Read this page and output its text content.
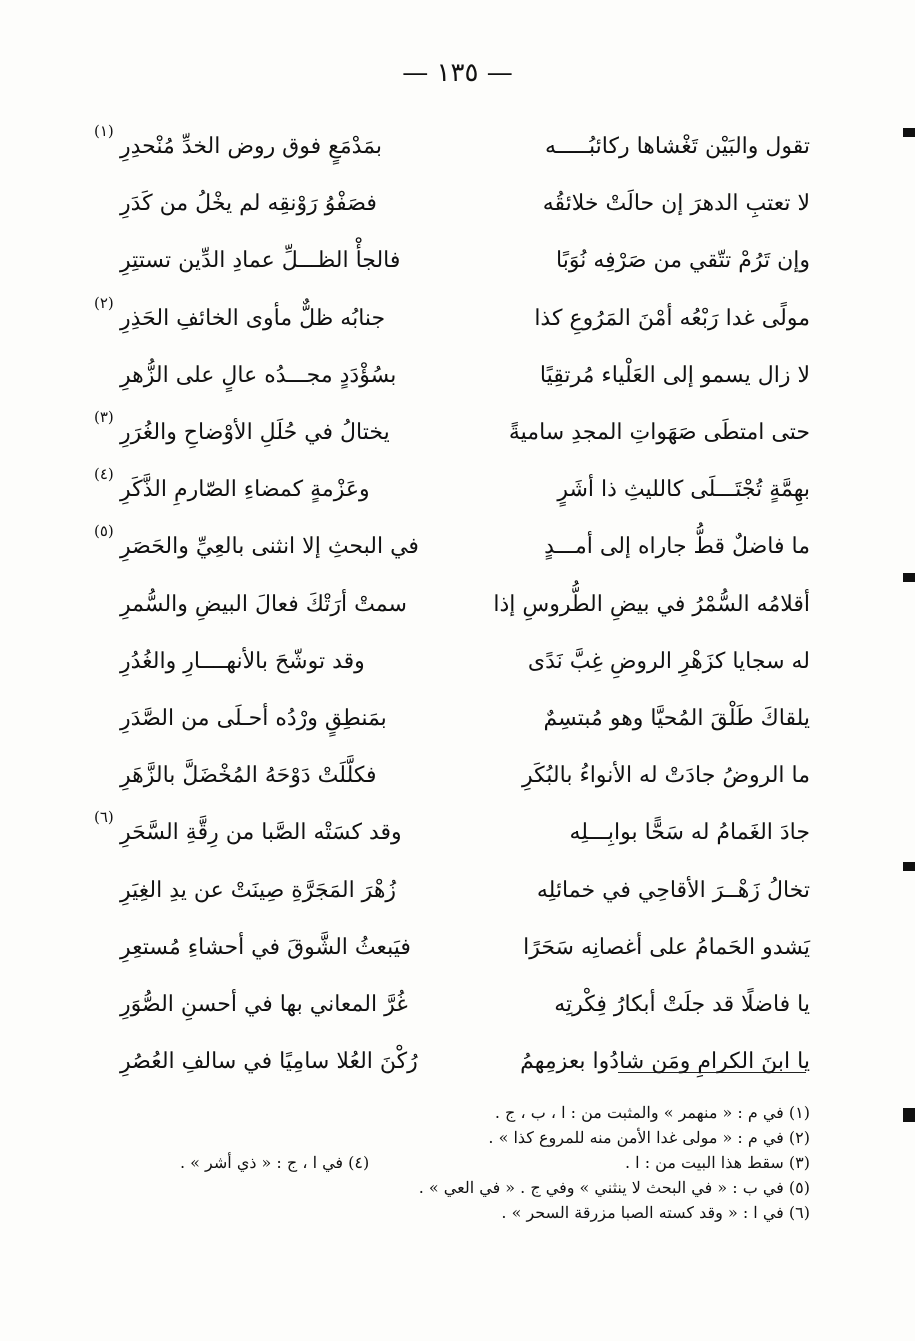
— ١٣٥ —
تقول والبَيْن تَغْشاها ركائبُـــــه
بمَدْمَعٍ فوق روض الخدِّ مُنْحدِرِ
(١)
لا تعتبِ الدهرَ إن حالَتْ خلائقُه
فصَفْوُ رَوْنقِه لم يخْلُ من كَدَرِ
وإن تَرُمْ تتّقي من صَرْفِه نُوَبًا
فالجأْ الظـــلِّ عمادِ الدِّين تستتِرِ
مولًى غدا رَبْعُه أمْنَ المَرُوعِ كذا
جنابُه ظلٌّ مأوى الخائفِ الحَذِرِ
(٢)
لا زال يسمو إلى العَلْياء مُرتقِيًا
بسُؤْدَدٍ مجـــدُه عالٍ على الزُّهرِ
حتى امتطَى صَهَواتِ المجدِ ساميةً
يختالُ في حُلَلِ الأوْضاحِ والغُرَرِ
(٣)
بهِمَّةٍ تُجْتَـــلَى كالليثِ ذا أشَرٍ
وعَزْمةٍ كمضاءِ الصّارمِ الذَّكَرِ
(٤)
ما فاضلٌ قطُّ جاراه إلى أمـــدٍ
في البحثِ إلا انثنى بالعِيِّ والحَصَرِ
(٥)
أقلامُه السُّمْرُ في بيضِ الطُّروسِ إذا
سمتْ أرَتْكَ فعالَ البيضِ والسُّمرِ
له سجايا كزَهْرِ الروضِ غِبَّ نَدًى
وقد توشّحَ بالأنهــــارِ والغُدُرِ
يلقاكَ طَلْقَ المُحيَّا وهو مُبتسِمٌ
بمَنطِقٍ ورْدُه أحـلَى من الصَّدَرِ
ما الروضُ جادَتْ له الأنواءُ بالبُكَرِ
فكلَّلَتْ دَوْحَهُ المُخْضَلَّ بالزَّهَرِ
جادَ الغَمامُ له سَحًّا بوابِـــلِه
وقد كسَتْه الصَّبا من رِقَّةِ السَّحَرِ
(٦)
تخالُ زَهْــرَ الأقاحِي في خمائلِه
زُهْرَ المَجَرَّةِ صِينَتْ عن يدِ الغِيَرِ
يَشدو الحَمامُ على أغصانِه سَحَرًا
فيَبعثُ الشَّوقَ في أحشاءِ مُستعِرِ
يا فاضلًا قد جلَتْ أبكارُ فِكْرتِه
غُرَّ المعاني بها في أحسنِ الصُّوَرِ
يا ابنَ الكرامِ ومَن شادُوا بعزمِهمُ
رُكْنَ العُلا سامِيًا في سالفِ العُصُرِ
(١) في م : « منهمر » والمثبت من : ا ، ب ، ج .
(٢) في م : « مولى غدا الأمن منه للمروع كذا » .
(٣) سقط هذا البيت من : ا .
(٤) في ا ، ج : « ذي أشر » .
(٥) في ب : « في البحث لا ينثني » وفي ج . « في العي » .
(٦) في ا : « وقد كسته الصبا مزرقة السحر » .
